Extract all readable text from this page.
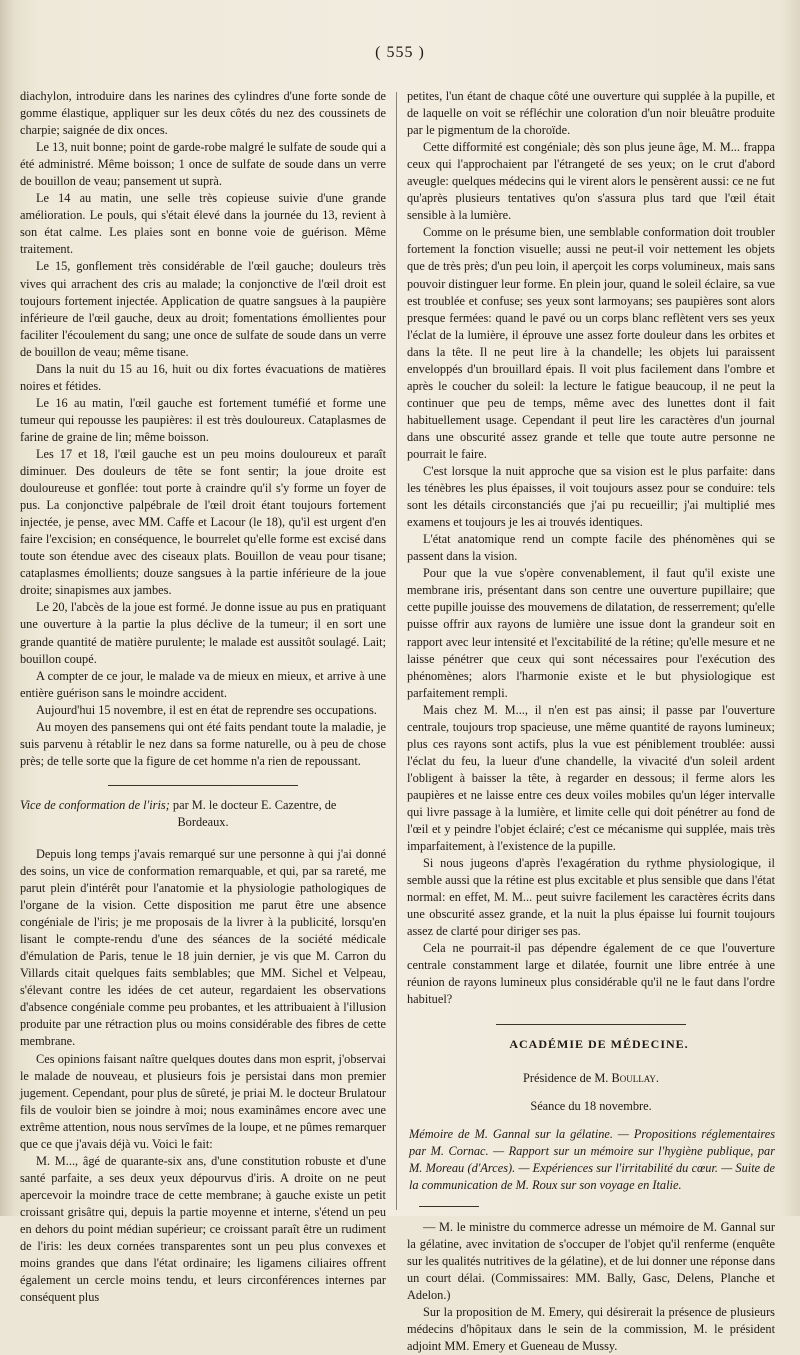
( 555 )

diachylon, introduire dans les narines des cylindres d'une forte sonde de gomme élastique, appliquer sur les deux côtés du nez des coussinets de charpie; saignée de dix onces.

Le 13, nuit bonne; point de garde-robe malgré le sulfate de soude qui a été administré. Même boisson; 1 once de sulfate de soude dans un verre de bouillon de veau; pansement ut suprà.

Le 14 au matin, une selle très copieuse suivie d'une grande amélioration. Le pouls, qui s'était élevé dans la journée du 13, revient à son état calme. Les plaies sont en bonne voie de guérison. Même traitement.

Le 15, gonflement très considérable de l'œil gauche; douleurs très vives qui arrachent des cris au malade; la conjonctive de l'œil droit est toujours fortement injectée. Application de quatre sangsues à la paupière inférieure de l'œil gauche, deux au droit; fomentations émollientes pour faciliter l'écoulement du sang; une once de sulfate de soude dans un verre de bouillon de veau; même tisane.

Dans la nuit du 15 au 16, huit ou dix fortes évacuations de matières noires et fétides.

Le 16 au matin, l'œil gauche est fortement tuméfié et forme une tumeur qui repousse les paupières: il est très douloureux. Cataplasmes de farine de graine de lin; même boisson.

Les 17 et 18, l'œil gauche est un peu moins douloureux et paraît diminuer. Des douleurs de tête se font sentir; la joue droite est douloureuse et gonflée: tout porte à craindre qu'il s'y forme un foyer de pus. La conjonctive palpébrale de l'œil droit étant toujours fortement injectée, je pense, avec MM. Caffe et Lacour (le 18), qu'il est urgent d'en faire l'excision; en conséquence, le bourrelet qu'elle forme est excisé dans toute son étendue avec des ciseaux plats. Bouillon de veau pour tisane; cataplasmes émollients; douze sangsues à la partie inférieure de la joue droite; sinapismes aux jambes.

Le 20, l'abcès de la joue est formé. Je donne issue au pus en pratiquant une ouverture à la partie la plus déclive de la tumeur; il en sort une grande quantité de matière purulente; le malade est aussitôt soulagé. Lait; bouillon coupé.

A compter de ce jour, le malade va de mieux en mieux, et arrive à une entière guérison sans le moindre accident.

Aujourd'hui 15 novembre, il est en état de reprendre ses occupations.

Au moyen des pansemens qui ont été faits pendant toute la maladie, je suis parvenu à rétablir le nez dans sa forme naturelle, ou à peu de chose près; de telle sorte que la figure de cet homme n'a rien de repoussant.

Vice de conformation de l'iris; par M. le docteur E. Cazentre, de
Bordeaux.

Depuis long temps j'avais remarqué sur une personne à qui j'ai donné des soins, un vice de conformation remarquable, et qui, par sa rareté, me parut plein d'intérêt pour l'anatomie et la physiologie pathologiques de l'organe de la vision. Cette disposition me parut être une absence congéniale de l'iris; je me proposais de la livrer à la publicité, lorsqu'en lisant le compte-rendu d'une des séances de la société médicale d'émulation de Paris, tenue le 18 juin dernier, je vis que M. Carron du Villards citait quelques faits semblables; que MM. Sichel et Velpeau, s'élevant contre les idées de cet auteur, regardaient les observations d'absence congéniale comme peu probantes, et les attribuaient à l'illusion produite par une rétraction plus ou moins considérable des fibres de cette membrane.

Ces opinions faisant naître quelques doutes dans mon esprit, j'observai le malade de nouveau, et plusieurs fois je persistai dans mon premier jugement. Cependant, pour plus de sûreté, je priai M. le docteur Brulatour fils de vouloir bien se joindre à moi; nous examinâmes encore avec une extrême attention, nous nous servîmes de la loupe, et ne pûmes remarquer que ce que j'avais déjà vu. Voici le fait:

M. M..., âgé de quarante-six ans, d'une constitution robuste et d'une santé parfaite, a ses deux yeux dépourvus d'iris. A droite on ne peut apercevoir la moindre trace de cette membrane; à gauche existe un petit croissant grisâtre qui, depuis la partie moyenne et interne, s'étend un peu en dehors du point médian supérieur; ce croissant paraît être un rudiment de l'iris: les deux cornées transparentes sont un peu plus convexes et moins grandes que dans l'état ordinaire; les ligamens ciliaires offrent également un cercle moins tendu, et leurs circonférences internes par conséquent plus

petites, l'un étant de chaque côté une ouverture qui supplée à la pupille, et de laquelle on voit se réfléchir une coloration d'un noir bleuâtre produite par le pigmentum de la choroïde.

Cette difformité est congéniale; dès son plus jeune âge, M. M... frappa ceux qui l'approchaient par l'étrangeté de ses yeux; on le crut d'abord aveugle: quelques médecins qui le virent alors le pensèrent aussi: ce ne fut qu'après plusieurs tentatives qu'on s'assura plus tard que l'œil était sensible à la lumière.

Comme on le présume bien, une semblable conformation doit troubler fortement la fonction visuelle; aussi ne peut-il voir nettement les objets que de très près; d'un peu loin, il aperçoit les corps volumineux, mais sans pouvoir distinguer leur forme. En plein jour, quand le soleil éclaire, sa vue est troublée et confuse; ses yeux sont larmoyans; ses paupières sont alors presque fermées: quand le pavé ou un corps blanc reflètent vers ses yeux l'éclat de la lumière, il éprouve une assez forte douleur dans les orbites et dans la tête. Il ne peut lire à la chandelle; les objets lui paraissent enveloppés d'un brouillard épais. Il voit plus facilement dans l'ombre et après le coucher du soleil: la lecture le fatigue beaucoup, il ne peut la continuer que peu de temps, même avec des lunettes dont il fait habituellement usage. Cependant il peut lire les caractères d'un journal dans une obscurité assez grande et telle que toute autre personne ne pourrait le faire.

C'est lorsque la nuit approche que sa vision est le plus parfaite: dans les ténèbres les plus épaisses, il voit toujours assez pour se conduire: tels sont les détails circonstanciés que j'ai pu recueillir; j'ai multiplié mes examens et toujours je les ai trouvés identiques.

L'état anatomique rend un compte facile des phénomènes qui se passent dans la vision.

Pour que la vue s'opère convenablement, il faut qu'il existe une membrane iris, présentant dans son centre une ouverture pupillaire; que cette pupille jouisse des mouvemens de dilatation, de resserrement; qu'elle puisse offrir aux rayons de lumière une issue dont la grandeur soit en rapport avec leur intensité et l'excitabilité de la rétine; qu'elle mesure et ne laisse pénétrer que ceux qui sont nécessaires pour l'exécution des phénomènes; alors l'harmonie existe et le but physiologique est parfaitement rempli.

Mais chez M. M..., il n'en est pas ainsi; il passe par l'ouverture centrale, toujours trop spacieuse, une même quantité de rayons lumineux; plus ces rayons sont actifs, plus la vue est péniblement troublée: aussi l'éclat du feu, la lueur d'une chandelle, la vivacité d'un soleil ardent l'obligent à baisser la tête, à regarder en dessous; il ferme alors les paupières et ne laisse entre ces deux voiles mobiles qu'un léger intervalle qui livre passage à la lumière, et limite celle qui doit pénétrer au fond de l'œil et y peindre l'objet éclairé; c'est ce mécanisme qui supplée, mais très imparfaitement, à l'existence de la pupille.

Si nous jugeons d'après l'exagération du rythme physiologique, il semble aussi que la rétine est plus excitable et plus sensible que dans l'état normal: en effet, M. M... peut suivre facilement les caractères écrits dans une obscurité assez grande, et la nuit la plus épaisse lui fournit toujours assez de clarté pour diriger ses pas.

Cela ne pourrait-il pas dépendre également de ce que l'ouverture centrale constamment large et dilatée, fournit une libre entrée à une réunion de rayons lumineux plus considérable qu'il ne le faut dans l'ordre habituel?

ACADÉMIE DE MÉDECINE.

Présidence de M. Boullay.

Séance du 18 novembre.

Mémoire de M. Gannal sur la gélatine. — Propositions réglementaires par M. Cornac. — Rapport sur un mémoire sur l'hygiène publique, par M. Moreau (d'Arces). — Expériences sur l'irritabilité du cœur. — Suite de la communication de M. Roux sur son voyage en Italie.

— M. le ministre du commerce adresse un mémoire de M. Gannal sur la gélatine, avec invitation de s'occuper de l'objet qu'il renferme (enquête sur les qualités nutritives de la gélatine), et de lui donner une réponse dans un court délai. (Commissaires: MM. Bally, Gasc, Delens, Planche et Adelon.)

Sur la proposition de M. Emery, qui désirerait la présence de plusieurs médecins d'hôpitaux dans le sein de la commission, M. le président adjoint MM. Emery et Gueneau de Mussy.
